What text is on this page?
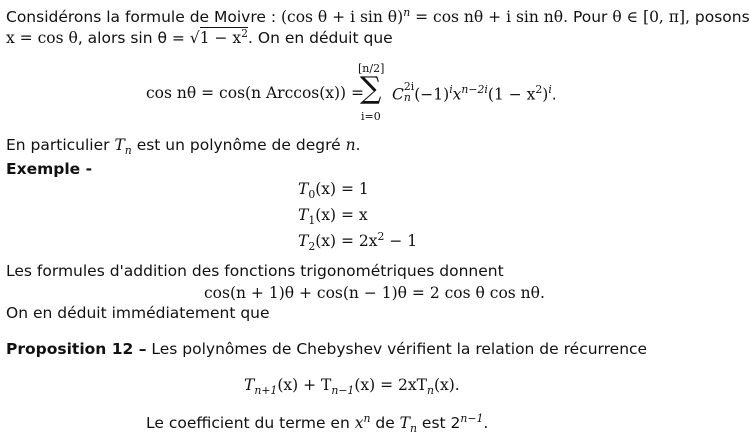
Considérons la formule de Moivre : (cos θ + i sin θ)$^n$ = cos nθ + i sin nθ. Pour θ ∈ [0, π], posons
x = cos θ, alors $\sin \theta = √1 - x^2$. On en déduit que
cos nθ = cos(n Arccos(x)) =
[n/2]
∑
i=0
C 2i
n $(-1)^ix^{n-2i}(1 - x^2)^i$.
En particulier $T_n$ est un polynôme de degré n.
Exemple -
$T_0(x) = 1$
$T_1(x) = x$
$T_2(x) = 2x^2 - 1$
Les formules d'addition des fonctions trigonométriques donnent
cos(n + 1)θ + cos(n − 1)θ = 2 cos θ cos nθ.
On en déduit immédiatement que
Proposition 12 – Les polynômes de Chebyshev vérifient la relation de récurrence
$T_{n+1}(x) + T_{n-1}(x) = 2xT_n(x)$.
Le coefficient du terme en $x^n$ de $T_n$ est $2^{n-1}$.
